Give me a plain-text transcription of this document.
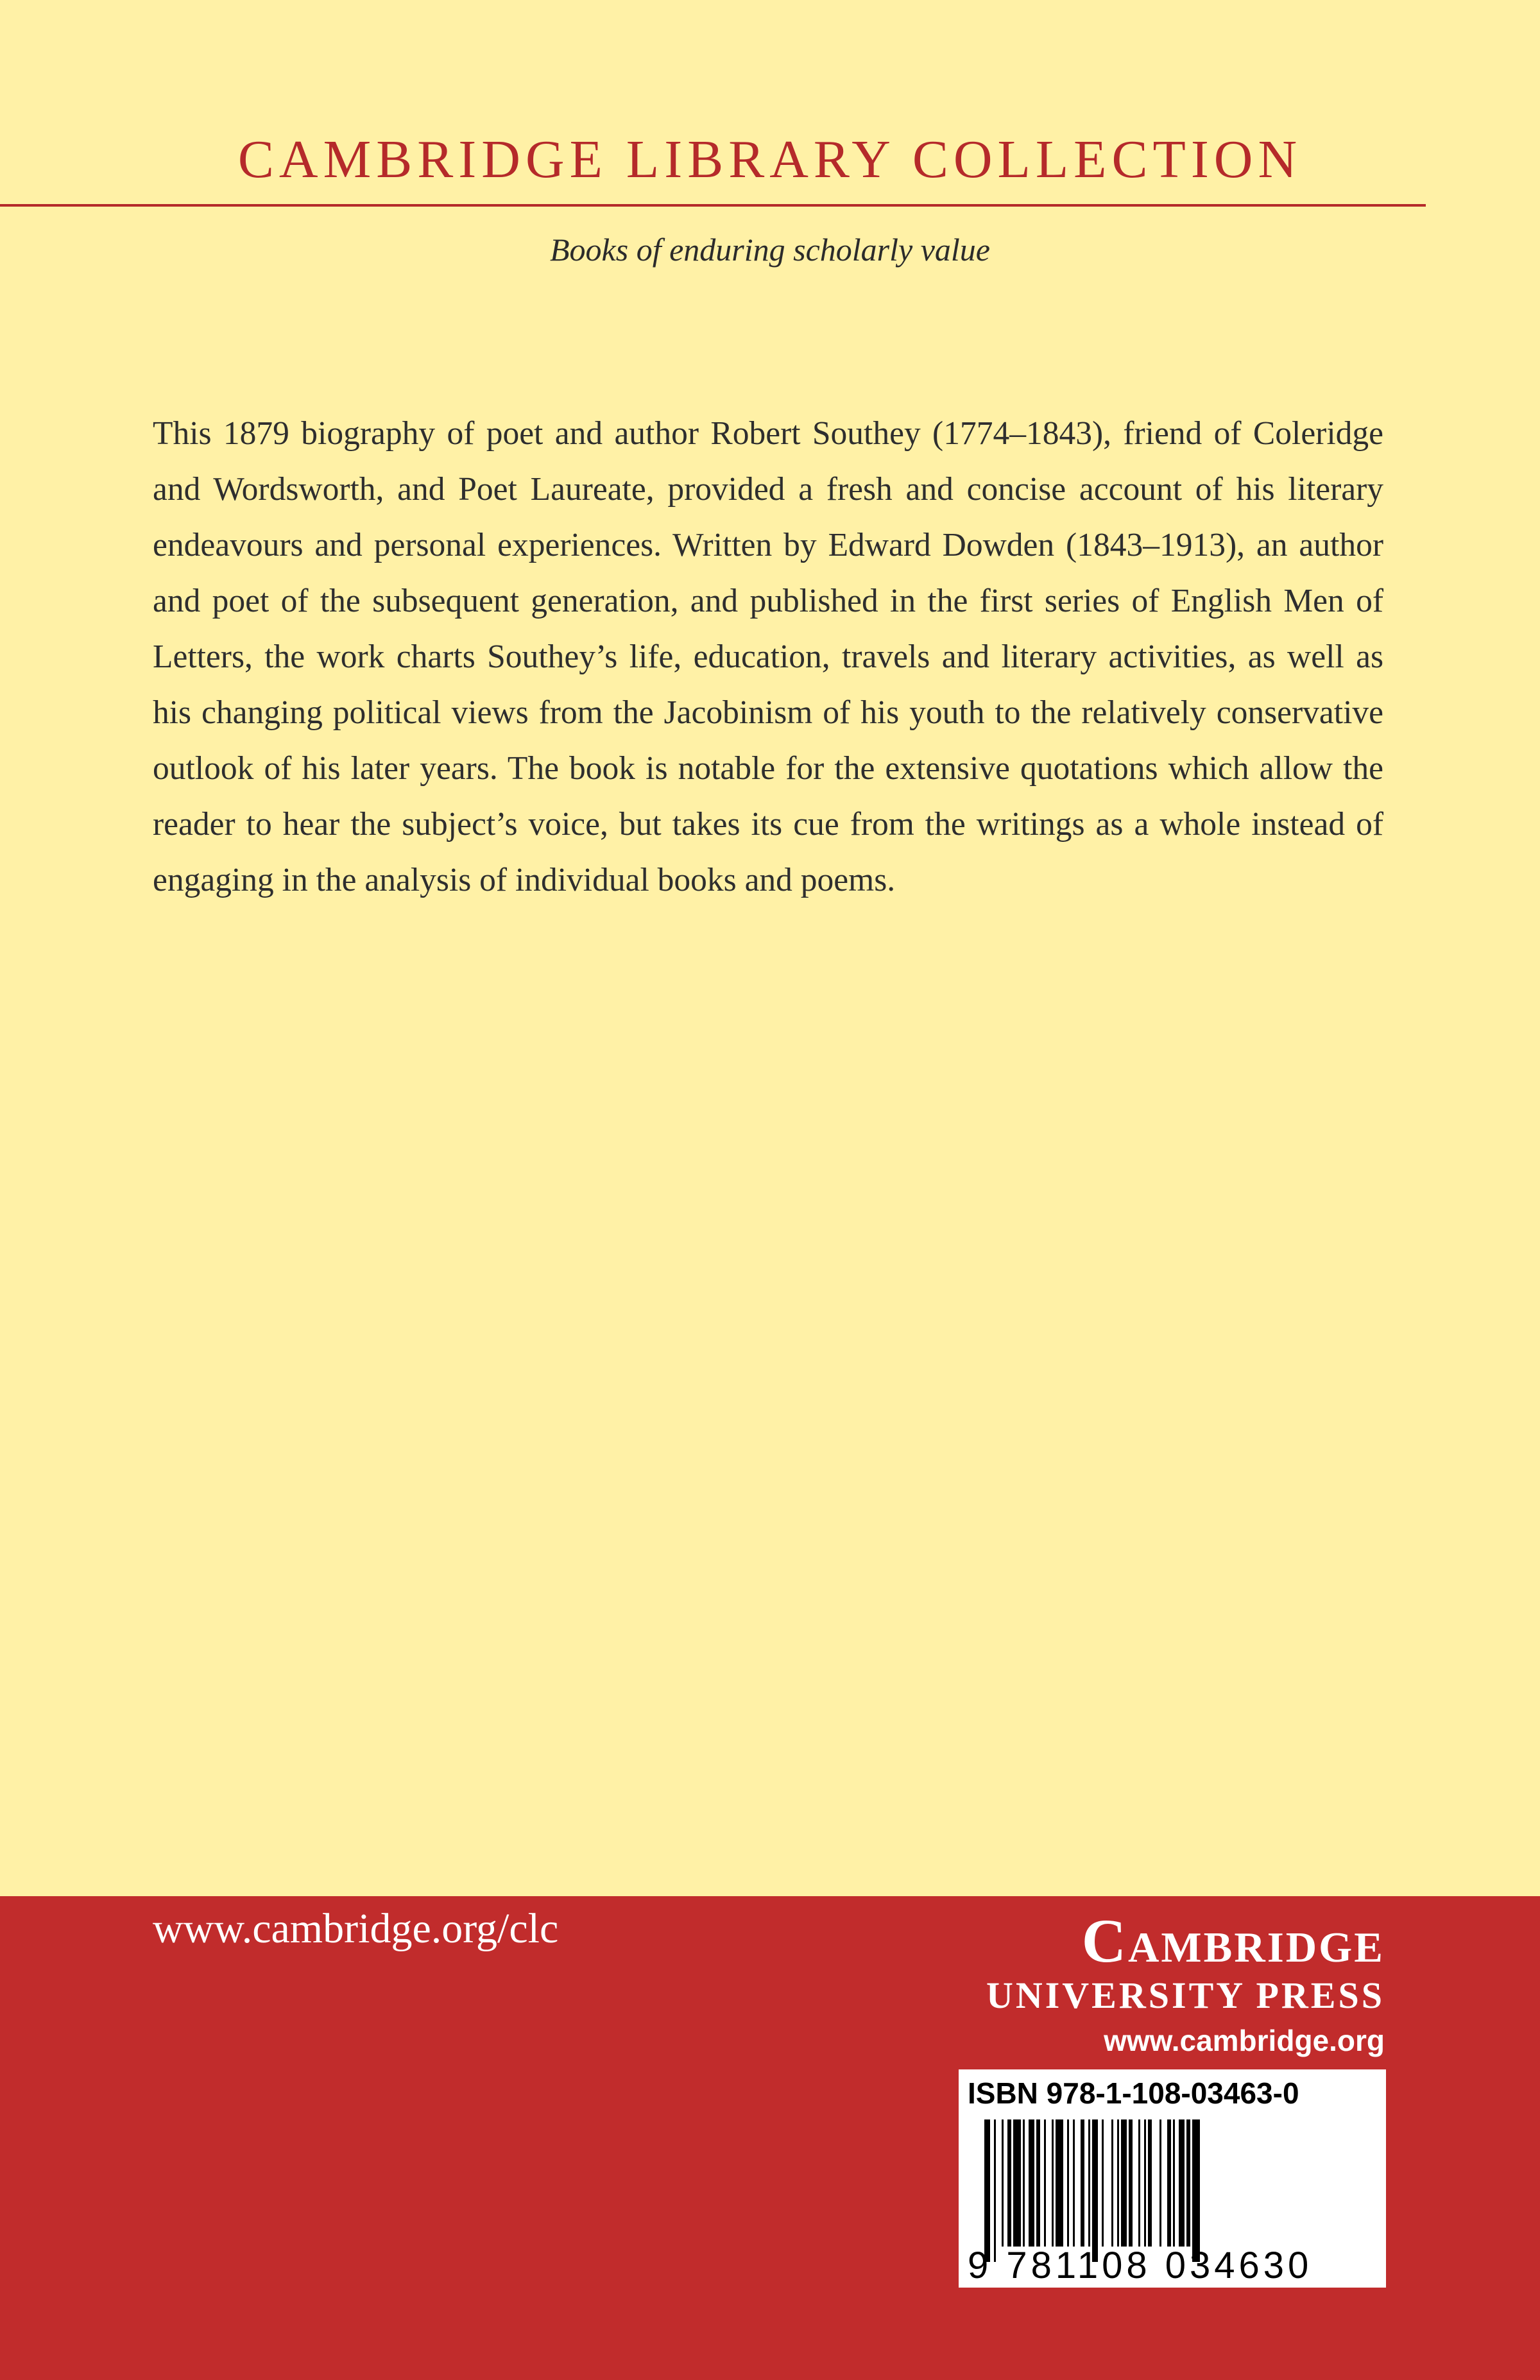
CAMBRIDGE LIBRARY COLLECTION
Books of enduring scholarly value

This 1879 biography of poet and author Robert Southey (1774–1843), friend of Coleridge and Wordsworth, and Poet Laureate, provided a fresh and concise account of his literary endeavours and personal experiences. Written by Edward Dowden (1843–1913), an author and poet of the subsequent generation, and published in the first series of English Men of Letters, the work charts Southey’s life, education, travels and literary activities, as well as his changing political views from the Jacobinism of his youth to the relatively conservative outlook of his later years. The book is notable for the extensive quotations which allow the reader to hear the subject’s voice, but takes its cue from the writings as a whole instead of engaging in the analysis of individual books and poems.

www.cambridge.org/clc	Cambridge
UNIVERSITY PRESS
www.cambridge.org
ISBN 978-1-108-03463-0
9 781108 034630
